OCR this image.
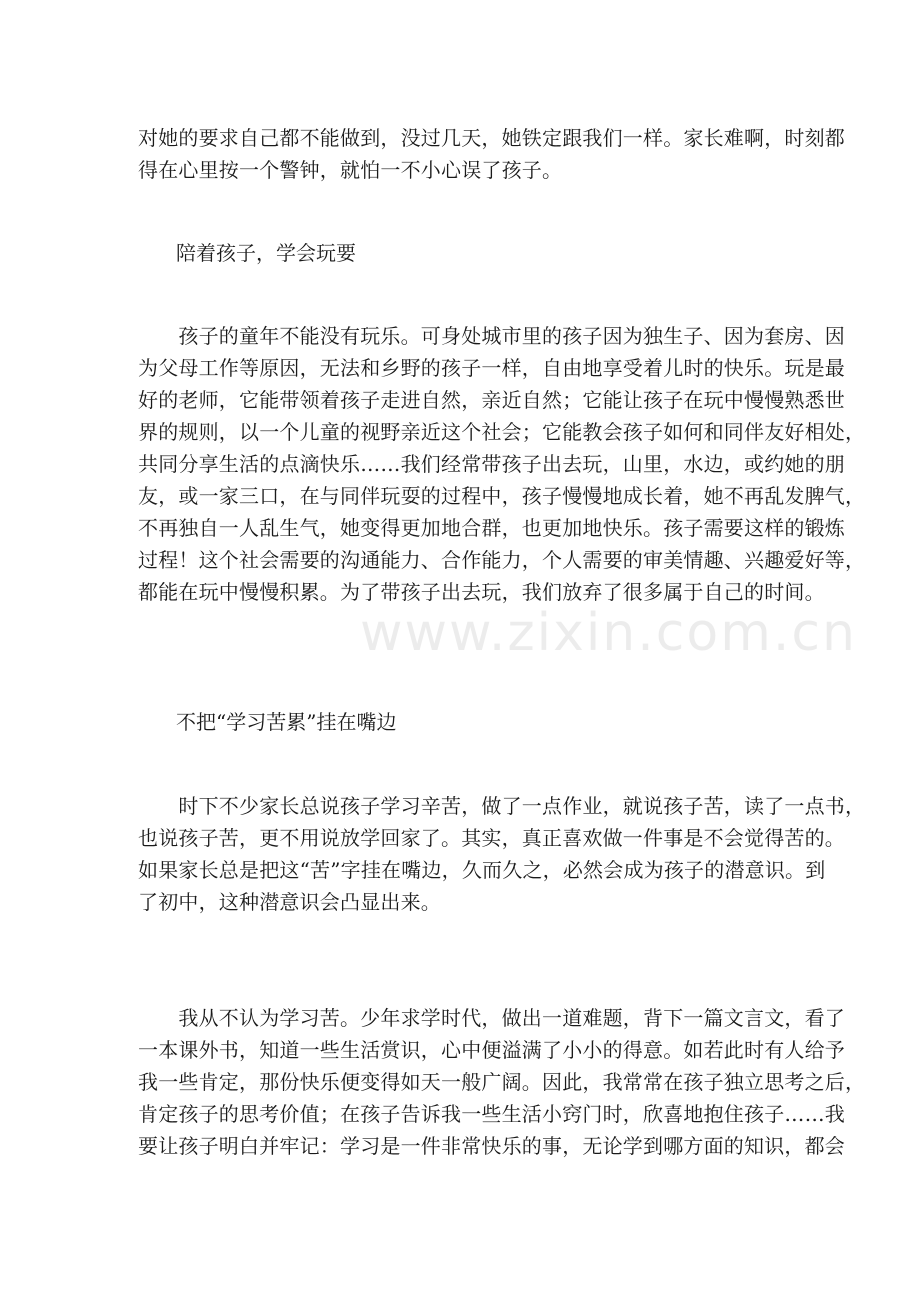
对她的要求自己都不能做到，没过几天，她铁定跟我们一样。家长难啊，时刻都
得在心里按一个警钟，就怕一不小心误了孩子。

陪着孩子，学会玩要

　　孩子的童年不能没有玩乐。可身处城市里的孩子因为独生子、因为套房、因
为父母工作等原因，无法和乡野的孩子一样，自由地享受着儿时的快乐。玩是最
好的老师，它能带领着孩子走进自然，亲近自然；它能让孩子在玩中慢慢熟悉世
界的规则，以一个儿童的视野亲近这个社会；它能教会孩子如何和同伴友好相处，
共同分享生活的点滴快乐……我们经常带孩子出去玩，山里，水边，或约她的朋
友，或一家三口，在与同伴玩耍的过程中，孩子慢慢地成长着，她不再乱发脾气，
不再独自一人乱生气，她变得更加地合群，也更加地快乐。孩子需要这样的锻炼
过程！这个社会需要的沟通能力、合作能力，个人需要的审美情趣、兴趣爱好等，
都能在玩中慢慢积累。为了带孩子出去玩，我们放弃了很多属于自己的时间。

不把“学习苦累”挂在嘴边

　　时下不少家长总说孩子学习辛苦，做了一点作业，就说孩子苦，读了一点书，
也说孩子苦，更不用说放学回家了。其实，真正喜欢做一件事是不会觉得苦的。
如果家长总是把这“苦”字挂在嘴边，久而久之，必然会成为孩子的潜意识。到
了初中，这种潜意识会凸显出来。
　　我从不认为学习苦。少年求学时代，做出一道难题，背下一篇文言文，看了
一本课外书，知道一些生活赏识，心中便溢满了小小的得意。如若此时有人给予
我一些肯定，那份快乐便变得如天一般广阔。因此，我常常在孩子独立思考之后，
肯定孩子的思考价值；在孩子告诉我一些生活小窍门时，欣喜地抱住孩子……我
要让孩子明白并牢记：学习是一件非常快乐的事，无论学到哪方面的知识，都会
www.zixin.com.cn
